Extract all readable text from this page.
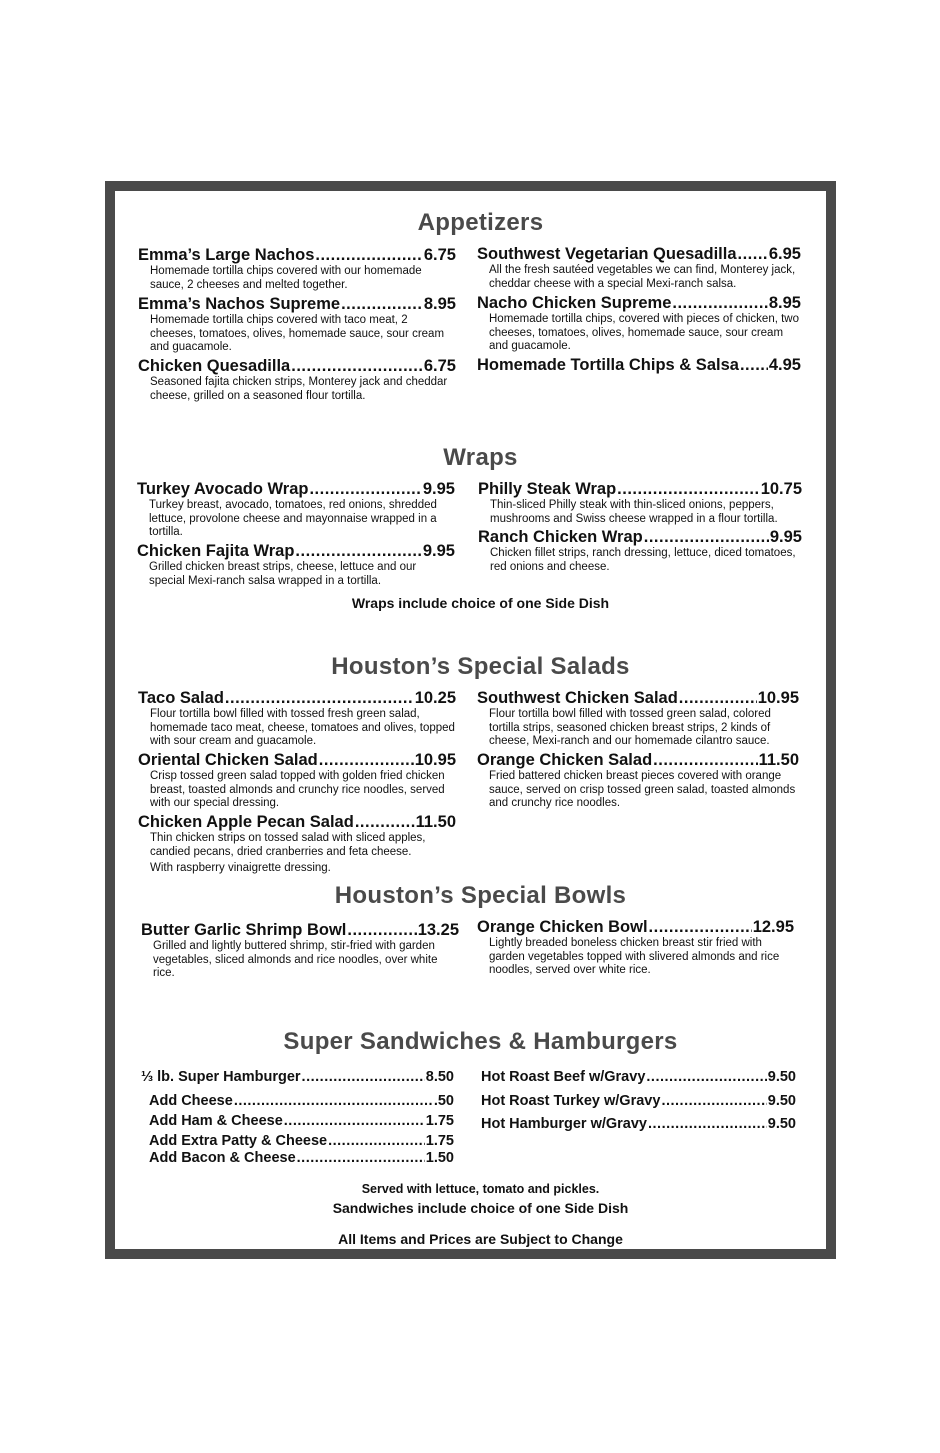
Appetizers
Emma’s Large Nachos .....	6.75
Homemade tortilla chips covered with our homemade sauce, 2 cheeses and melted together.
Emma’s Nachos Supreme .....	8.95
Homemade tortilla chips covered with taco meat, 2 cheeses, tomatoes, olives, homemade sauce, sour cream and guacamole.
Chicken Quesadilla .....	6.75
Seasoned fajita chicken strips, Monterey jack and cheddar cheese, grilled on a seasoned flour tortilla.
Southwest Vegetarian Quesadilla ..... 6.95
All the fresh sautéed vegetables we can find, Monterey jack, cheddar cheese with a special Mexi-ranch salsa.
Nacho Chicken Supreme .....	8.95
Homemade tortilla chips, covered with pieces of chicken, two cheeses, tomatoes, olives, homemade sauce, sour cream and guacamole.
Homemade Tortilla Chips & Salsa ..... 4.95
Wraps
Turkey Avocado Wrap .....	9.95
Turkey breast, avocado, tomatoes, red onions, shredded lettuce, provolone cheese and mayonnaise wrapped in a tortilla.
Chicken Fajita Wrap .....	9.95
Grilled chicken breast strips, cheese, lettuce and our special Mexi-ranch salsa wrapped in a tortilla.
Philly Steak Wrap .....	10.75
Thin-sliced Philly steak with thin-sliced onions, peppers, mushrooms and Swiss cheese wrapped in a flour tortilla.
Ranch Chicken Wrap .....	9.95
Chicken fillet strips, ranch dressing, lettuce, diced tomatoes, red onions and cheese.
Wraps include choice of one Side Dish
Houston’s Special Salads
Taco Salad .....	10.25
Flour tortilla bowl filled with tossed fresh green salad, homemade taco meat, cheese, tomatoes and olives, topped with sour cream and guacamole.
Oriental Chicken Salad .....	10.95
Crisp tossed green salad topped with golden fried chicken breast, toasted almonds and crunchy rice noodles, served with our special dressing.
Chicken Apple Pecan Salad .....	11.50
Thin chicken strips on tossed salad with sliced apples, candied pecans, dried cranberries and feta cheese.
With raspberry vinaigrette dressing.
Southwest Chicken Salad .....	10.95
Flour tortilla bowl filled with tossed green salad, colored tortilla strips, seasoned chicken breast strips, 2 kinds of cheese, Mexi-ranch and our homemade cilantro sauce.
Orange Chicken Salad .....	11.50
Fried battered chicken breast pieces covered with orange sauce, served on crisp tossed green salad, toasted almonds and crunchy rice noodles.
Houston’s Special Bowls
Butter Garlic Shrimp Bowl .....	13.25
Grilled and lightly buttered shrimp, stir-fried with garden vegetables, sliced almonds and rice noodles, over white rice.
Orange Chicken Bowl .....	12.95
Lightly breaded boneless chicken breast stir fried with garden vegetables topped with slivered almonds and rice noodles, served over white rice.
Super Sandwiches & Hamburgers
⅓ lb. Super Hamburger .....	8.50
Add Cheese .....	.50
Add Ham & Cheese .....	1.75
Add Extra Patty & Cheese .....	1.75
Add Bacon & Cheese .....	1.50
Hot Roast Beef w/Gravy .....	9.50
Hot Roast Turkey w/Gravy .....	9.50
Hot Hamburger w/Gravy .....	9.50
Served with lettuce, tomato and pickles.
Sandwiches include choice of one Side Dish
All Items and Prices are Subject to Change
